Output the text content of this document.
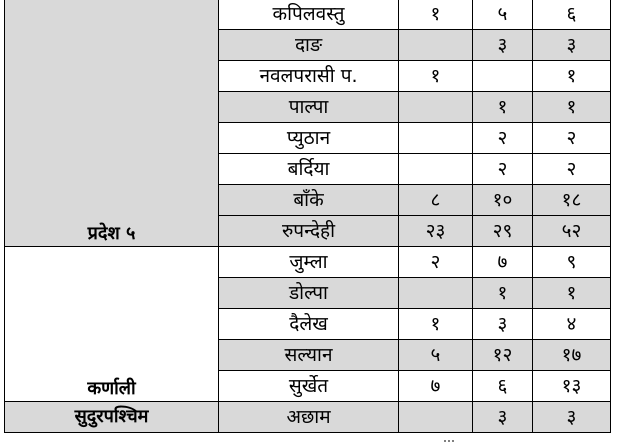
प्रदेश ५	कपिलवस्तु	१	५	६
	दाङ		३	३
	नवलपरासी प.	१		१
	पाल्पा		१	१
	प्युठान		२	२
	बर्दिया		२	२
	बाँके	८	१०	१८
	रुपन्देही	२३	२९	५२
कर्णाली	जुम्ला	२	७	९
	डोल्पा		१	१
	दैलेख	१	३	४
	सल्यान	५	१२	१७
	सुर्खेत	७	६	१३
सुदुरपश्चिम	अछाम		३	३
